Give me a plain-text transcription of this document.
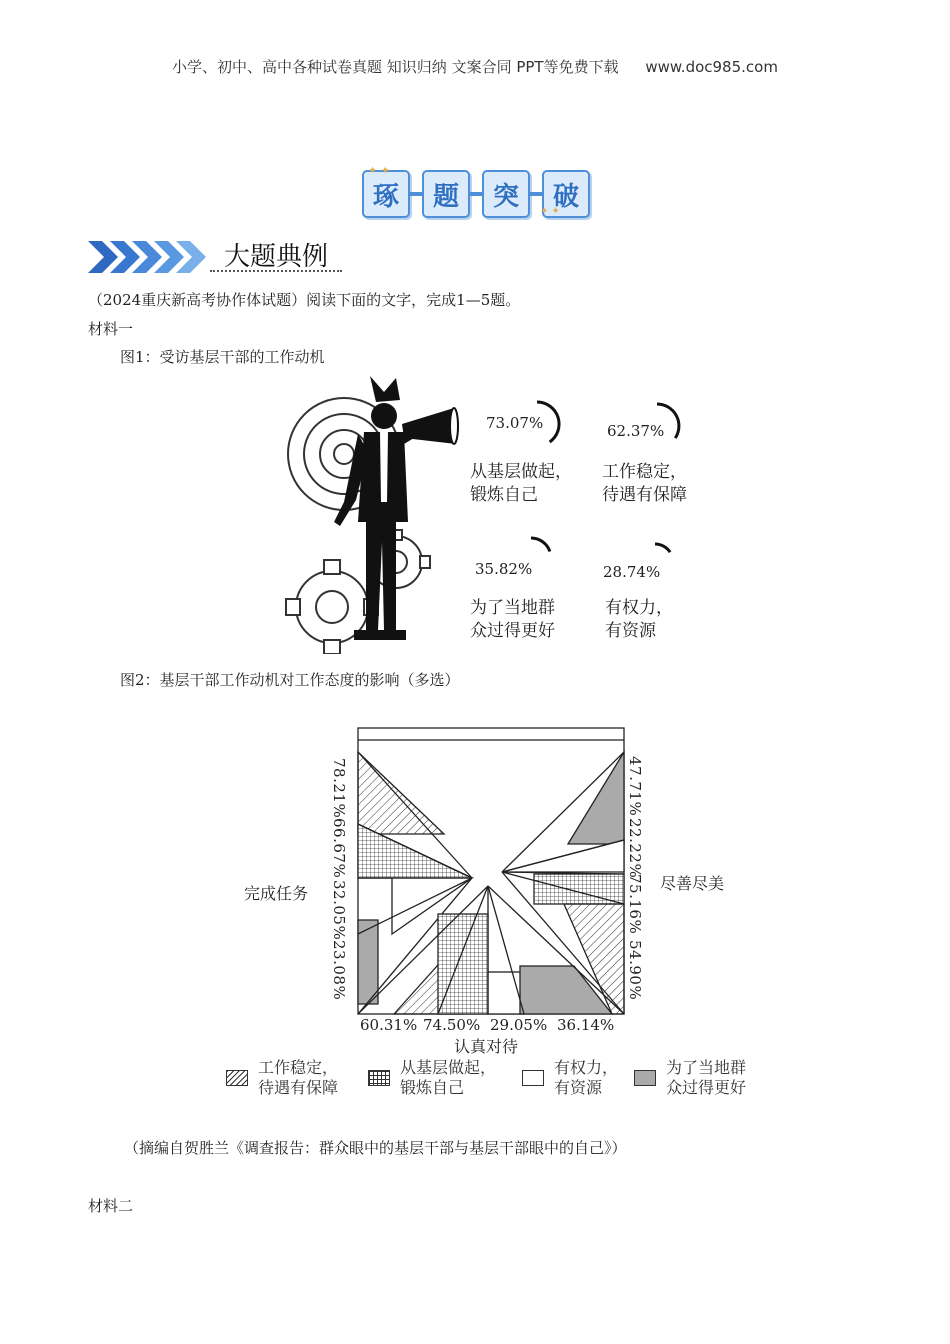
小学、初中、高中各种试卷真题 知识归纳 文案合同 PPT等免费下载 www.doc985.com
琢	题	突	破
✦ ✦
✦ ✦
大题典例
（2024重庆新高考协作体试题）阅读下面的文字，完成1—5题。
材料一
图1：受访基层干部的工作动机
73.07%
从基层做起，
锻炼自己
62.37%
工作稳定，
待遇有保障
35.82%
为了当地群
众过得更好
28.74%
有权力，
有资源
图2：基层干部工作动机对工作态度的影响（多选）
完成任务
尽善尽美
认真对待
78.21%
66.67%
32.05%
23.08%
47.71%
22.22%
75.16%
54.90%
60.31% 74.50% 29.05% 36.14%
工作稳定，
待遇有保障
从基层做起，
锻炼自己
有权力，
有资源
为了当地群
众过得更好
（摘编自贺胜兰《调查报告：群众眼中的基层干部与基层干部眼中的自己》）
材料二
